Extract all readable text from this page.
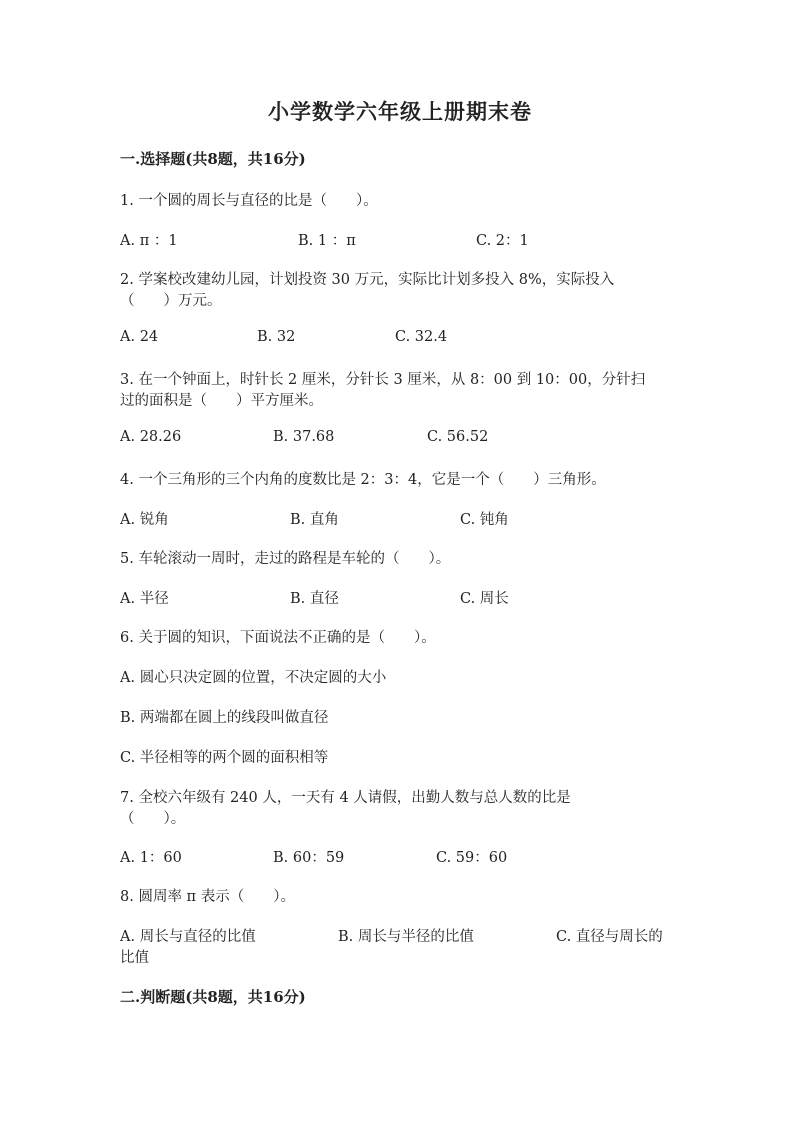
小学数学六年级上册期末卷
一.选择题(共8题，共16分)
1. 一个圆的周长与直径的比是（　　）。
A. π ：1	B. 1 ：π	C. 2：1
2. 学案校改建幼儿园，计划投资 30 万元，实际比计划多投入 8%，实际投入
（　　）万元。
A. 24	B. 32	C. 32.4
3. 在一个钟面上，时针长 2 厘米，分针长 3 厘米，从 8：00 到 10：00，分针扫
过的面积是（　　）平方厘米。
A. 28.26	B. 37.68	C. 56.52
4. 一个三角形的三个内角的度数比是 2：3：4，它是一个（　　）三角形。
A. 锐角	B. 直角	C. 钝角
5. 车轮滚动一周时，走过的路程是车轮的（　　）。
A. 半径	B. 直径	C. 周长
6. 关于圆的知识，下面说法不正确的是（　　）。
A. 圆心只决定圆的位置，不决定圆的大小
B. 两端都在圆上的线段叫做直径
C. 半径相等的两个圆的面积相等
7. 全校六年级有 240 人，一天有 4 人请假，出勤人数与总人数的比是
（　　）。
A. 1：60	B. 60：59	C. 59：60
8. 圆周率 π 表示（　　）。
A. 周长与直径的比值	B. 周长与半径的比值	C. 直径与周长的
比值
二.判断题(共8题，共16分)
